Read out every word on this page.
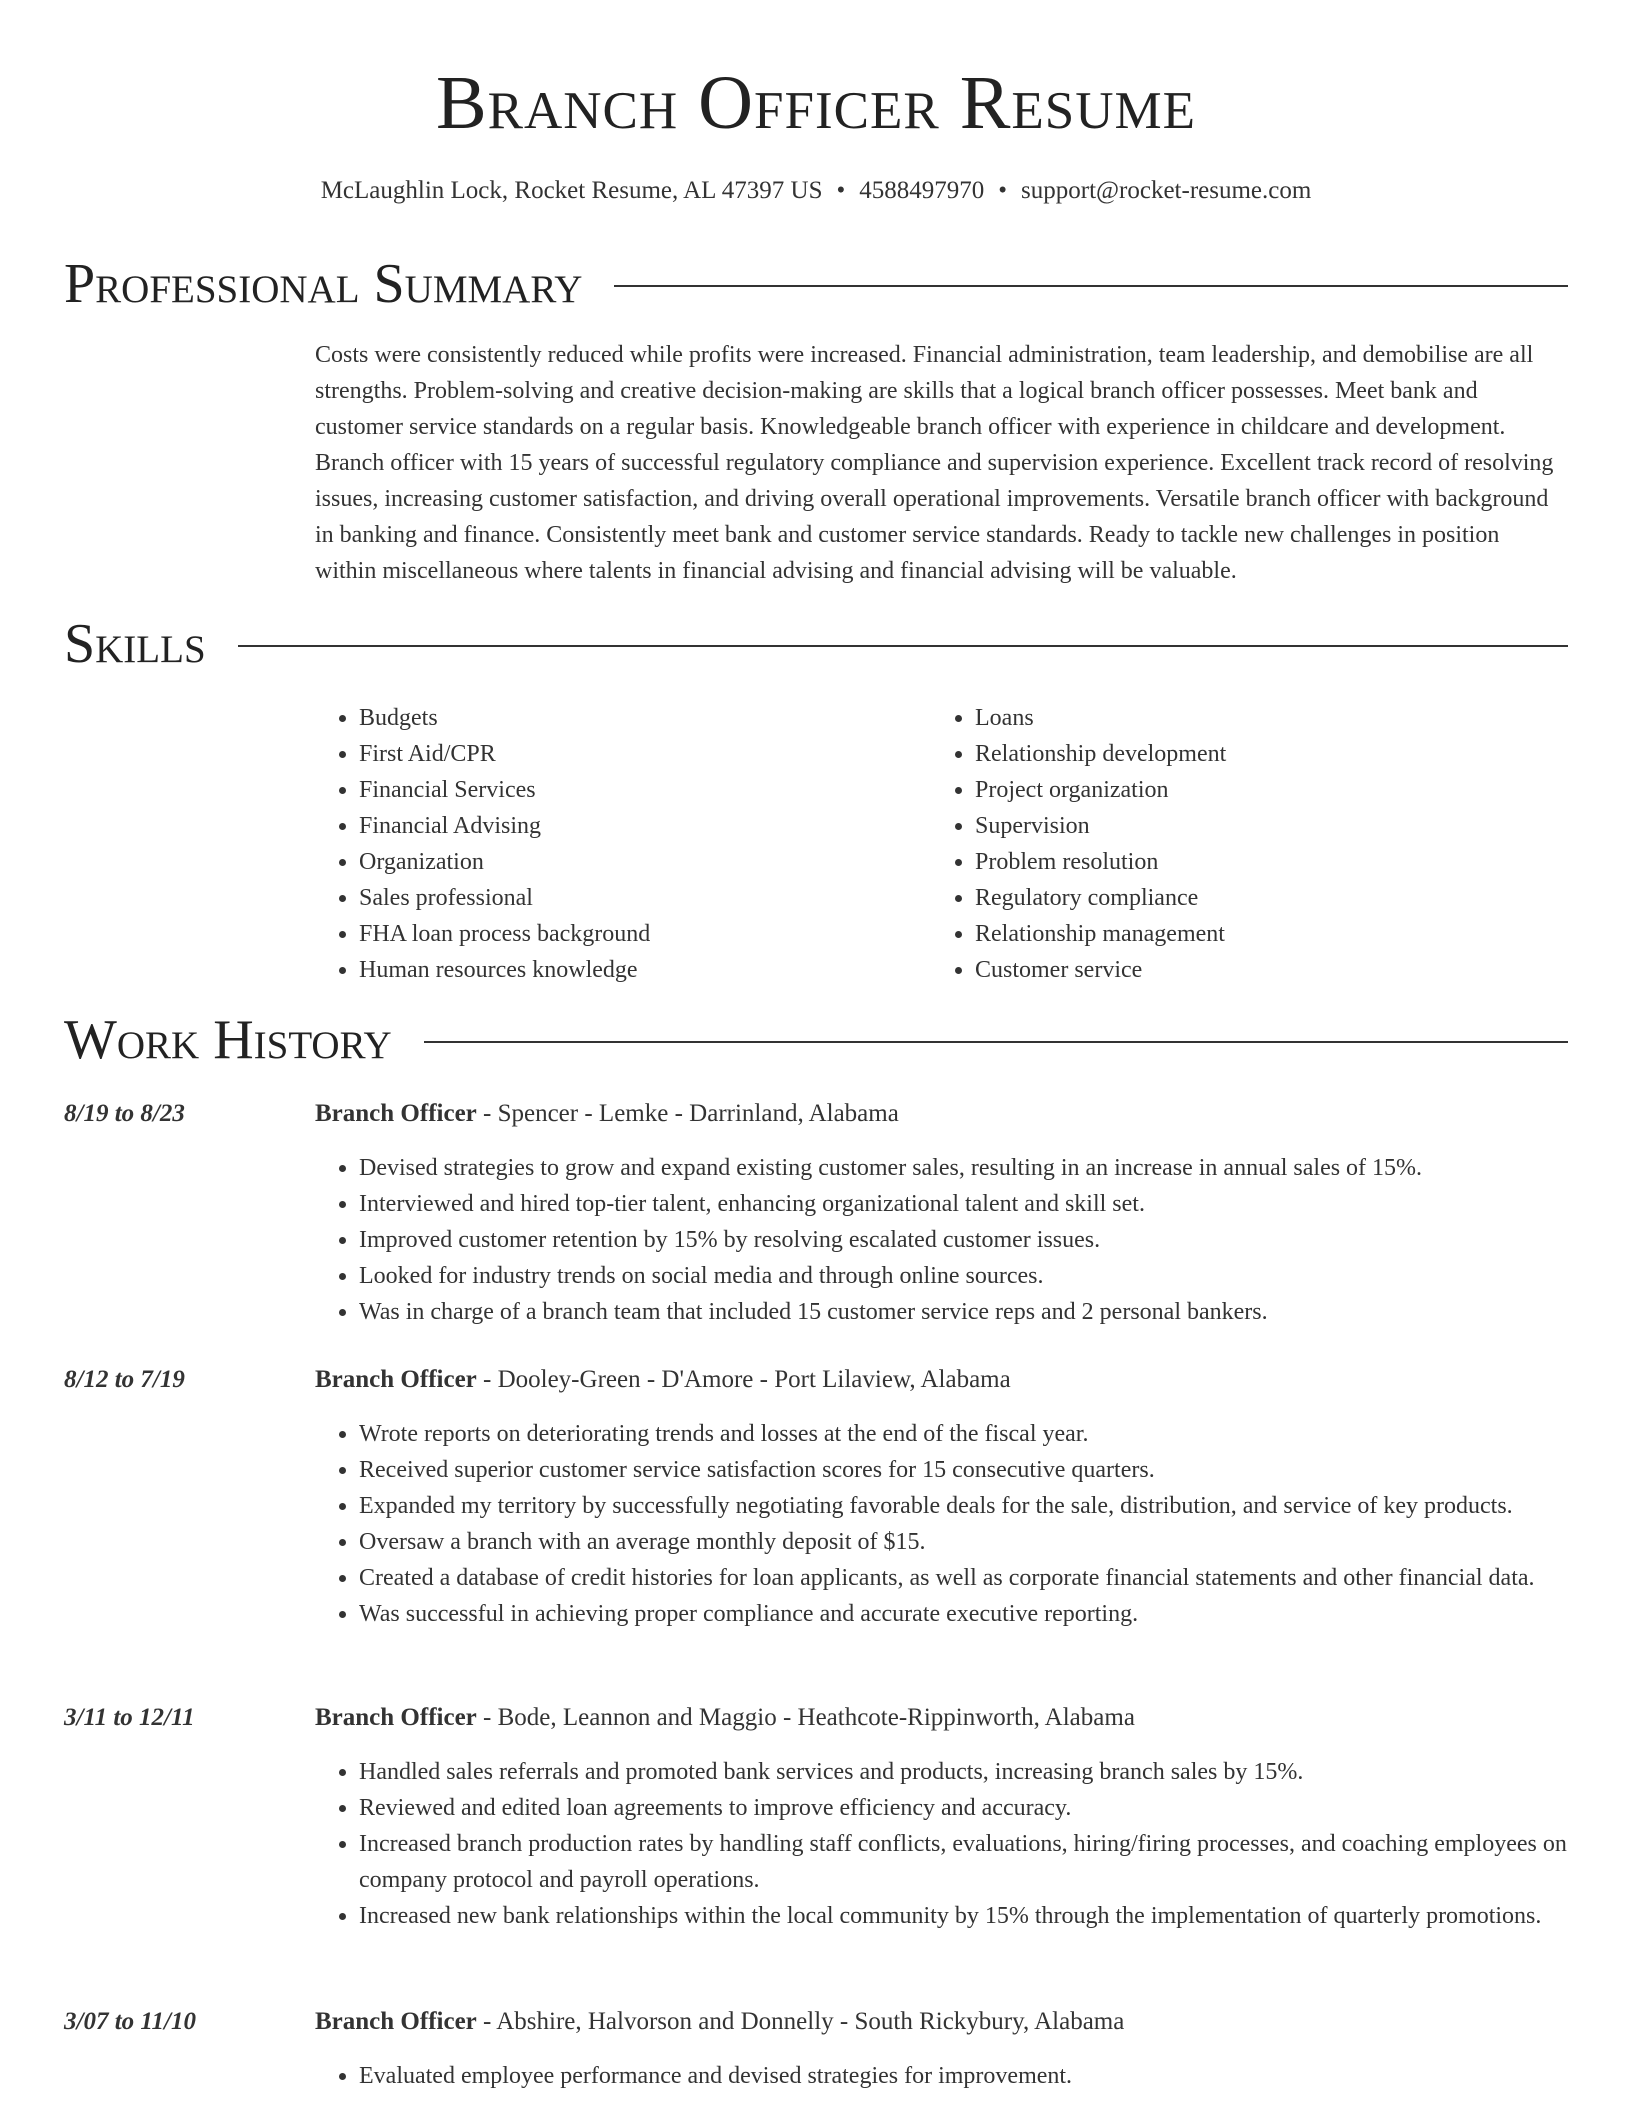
Branch Officer Resume
McLaughlin Lock, Rocket Resume, AL 47397 US • 4588497970 • support@rocket-resume.com
Professional Summary

Costs were consistently reduced while profits were increased. Financial administration, team leadership, and demobilise are all strengths. Problem-solving and creative decision-making are skills that a logical branch officer possesses. Meet bank and customer service standards on a regular basis. Knowledgeable branch officer with experience in childcare and development. Branch officer with 15 years of successful regulatory compliance and supervision experience. Excellent track record of resolving issues, increasing customer satisfaction, and driving overall operational improvements. Versatile branch officer with background in banking and finance. Consistently meet bank and customer service standards. Ready to tackle new challenges in position within miscellaneous where talents in financial advising and financial advising will be valuable.

Skills
• Budgets
• First Aid/CPR
• Financial Services
• Financial Advising
• Organization
• Sales professional
• FHA loan process background
• Human resources knowledge
• Loans
• Relationship development
• Project organization
• Supervision
• Problem resolution
• Regulatory compliance
• Relationship management
• Customer service
Work History
8/19 to 8/23	Branch Officer - Spencer - Lemke - Darrinland, Alabama
• Devised strategies to grow and expand existing customer sales, resulting in an increase in annual sales of 15%.
• Interviewed and hired top-tier talent, enhancing organizational talent and skill set.
• Improved customer retention by 15% by resolving escalated customer issues.
• Looked for industry trends on social media and through online sources.
• Was in charge of a branch team that included 15 customer service reps and 2 personal bankers.
8/12 to 7/19	Branch Officer - Dooley-Green - D'Amore - Port Lilaview, Alabama
• Wrote reports on deteriorating trends and losses at the end of the fiscal year.
• Received superior customer service satisfaction scores for 15 consecutive quarters.
• Expanded my territory by successfully negotiating favorable deals for the sale, distribution, and service of key products.
• Oversaw a branch with an average monthly deposit of $15.
• Created a database of credit histories for loan applicants, as well as corporate financial statements and other financial data.
• Was successful in achieving proper compliance and accurate executive reporting.
3/11 to 12/11	Branch Officer - Bode, Leannon and Maggio - Heathcote-Rippinworth, Alabama
• Handled sales referrals and promoted bank services and products, increasing branch sales by 15%.
• Reviewed and edited loan agreements to improve efficiency and accuracy.
• Increased branch production rates by handling staff conflicts, evaluations, hiring/firing processes, and coaching employees on company protocol and payroll operations.
• Increased new bank relationships within the local community by 15% through the implementation of quarterly promotions.
3/07 to 11/10	Branch Officer - Abshire, Halvorson and Donnelly - South Rickybury, Alabama
• Evaluated employee performance and devised strategies for improvement.
